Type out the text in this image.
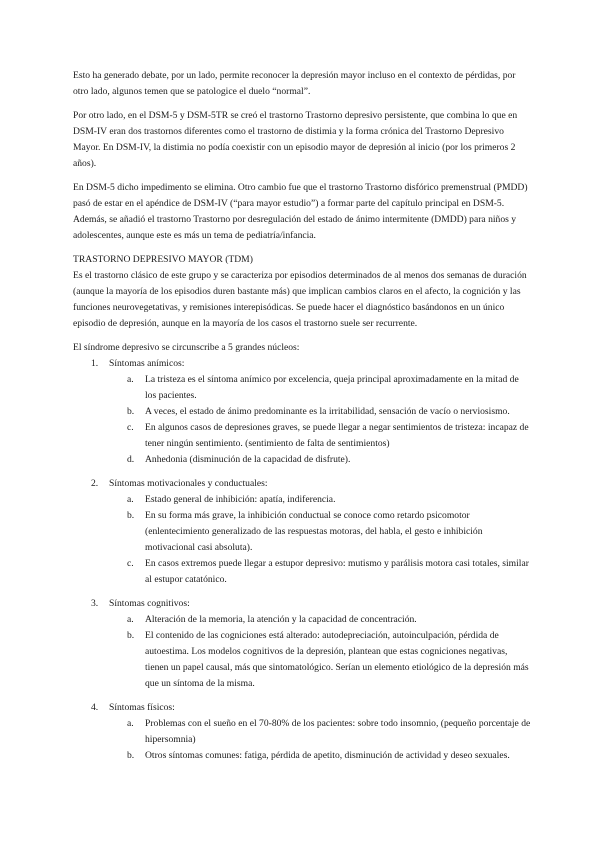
Esto ha generado debate, por un lado, permite reconocer la depresión mayor incluso en el contexto de pérdidas, por otro lado, algunos temen que se patologice el duelo “normal”.

Por otro lado, en el DSM-5 y DSM-5TR se creó el trastorno Trastorno depresivo persistente, que combina lo que en DSM-IV eran dos trastornos diferentes como el trastorno de distimia y la forma crónica del Trastorno Depresivo Mayor. En DSM-IV, la distimia no podía coexistir con un episodio mayor de depresión al inicio (por los primeros 2 años).

En DSM-5 dicho impedimento se elimina. Otro cambio fue que el trastorno Trastorno disfórico premenstrual (PMDD) pasó de estar en el apéndice de DSM-IV (“para mayor estudio”) a formar parte del capítulo principal en DSM-5. Además, se añadió el trastorno Trastorno por desregulación del estado de ánimo intermitente (DMDD) para niños y adolescentes, aunque este es más un tema de pediatría/infancia.

TRASTORNO DEPRESIVO MAYOR (TDM)

Es el trastorno clásico de este grupo y se caracteriza por episodios determinados de al menos dos semanas de duración (aunque la mayoría de los episodios duren bastante más) que implican cambios claros en el afecto, la cognición y las funciones neurovegetativas, y remisiones interepisódicas. Se puede hacer el diagnóstico basándonos en un único episodio de depresión, aunque en la mayoría de los casos el trastorno suele ser recurrente.

El síndrome depresivo se circunscribe a 5 grandes núcleos:

1. Síntomas anímicos:
a. La tristeza es el síntoma anímico por excelencia, queja principal aproximadamente en la mitad de los pacientes.
b. A veces, el estado de ánimo predominante es la irritabilidad, sensación de vacío o nerviosismo.
c. En algunos casos de depresiones graves, se puede llegar a negar sentimientos de tristeza: incapaz de tener ningún sentimiento. (sentimiento de falta de sentimientos)
d. Anhedonia (disminución de la capacidad de disfrute).
2. Síntomas motivacionales y conductuales:
a. Estado general de inhibición: apatía, indiferencia.
b. En su forma más grave, la inhibición conductual se conoce como retardo psicomotor (enlentecimiento generalizado de las respuestas motoras, del habla, el gesto e inhibición motivacional casi absoluta).
c. En casos extremos puede llegar a estupor depresivo: mutismo y parálisis motora casi totales, similar al estupor catatónico.
3. Síntomas cognitivos:
a. Alteración de la memoria, la atención y la capacidad de concentración.
b. El contenido de las cogniciones está alterado: autodepreciación, autoinculpación, pérdida de autoestima. Los modelos cognitivos de la depresión, plantean que estas cogniciones negativas, tienen un papel causal, más que sintomatológico. Serían un elemento etiológico de la depresión más que un síntoma de la misma.
4. Síntomas físicos:
a. Problemas con el sueño en el 70-80% de los pacientes: sobre todo insomnio, (pequeño porcentaje de hipersomnia)
b. Otros síntomas comunes: fatiga, pérdida de apetito, disminución de actividad y deseo sexuales.
